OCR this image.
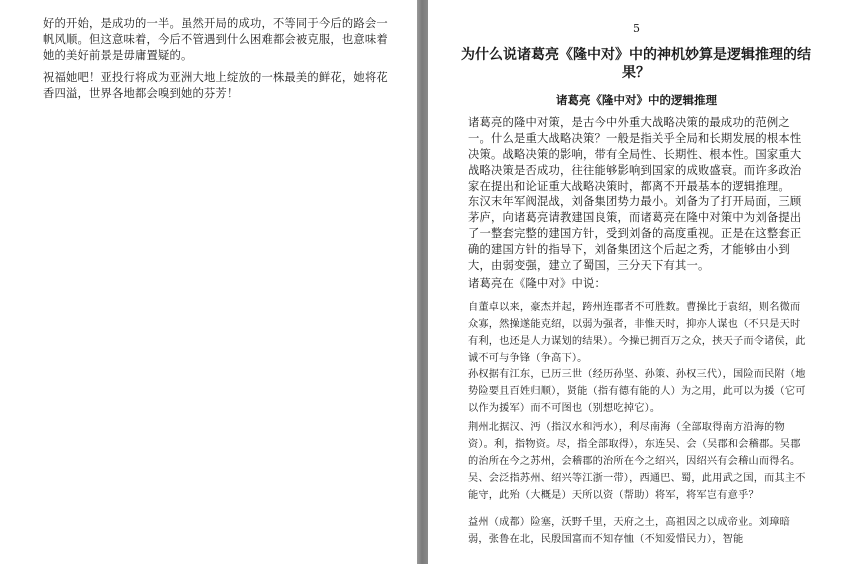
好的开始，是成功的一半。虽然开局的成功，不等同于今后的路会一帆风顺。但这意味着，今后不管遇到什么困难都会被克服，也意味着她的美好前景是毋庸置疑的。

祝福她吧！亚投行将成为亚洲大地上绽放的一株最美的鲜花，她将花香四溢，世界各地都会嗅到她的芬芳！

5
为什么说诸葛亮《隆中对》中的神机妙算是逻辑推理的结果？
诸葛亮《隆中对》中的逻辑推理

诸葛亮的隆中对策，是古今中外重大战略决策的最成功的范例之一。什么是重大战略决策？一般是指关乎全局和长期发展的根本性决策。战略决策的影响，带有全局性、长期性、根本性。国家重大战略决策是否成功，往往能够影响到国家的成败盛衰。而许多政治家在提出和论证重大战略决策时，都离不开最基本的逻辑推理。

东汉末年军阀混战，刘备集团势力最小。刘备为了打开局面，三顾茅庐，向诸葛亮请教建国良策，而诸葛亮在隆中对策中为刘备提出了一整套完整的建国方针，受到刘备的高度重视。正是在这整套正确的建国方针的指导下，刘备集团这个后起之秀，才能够由小到大，由弱变强，建立了蜀国，三分天下有其一。

诸葛亮在《隆中对》中说：

自董卓以来，豪杰并起，跨州连郡者不可胜数。曹操比于袁绍，则名微而众寡，然操遂能克绍，以弱为强者，非惟天时，抑亦人谋也（不只是天时有利，也还是人力谋划的结果）。今操已拥百万之众，挟天子而令诸侯，此诚不可与争锋（争高下）。

孙权据有江东，已历三世（经历孙坚、孙策、孙权三代），国险而民附（地势险要且百姓归顺），贤能（指有德有能的人）为之用，此可以为援（它可以作为援军）而不可图也（别想吃掉它）。

荆州北据汉、沔（指汉水和沔水），利尽南海（全部取得南方沿海的物资）。利，指物资。尽，指全部取得），东连吴、会（吴郡和会稽郡。吴郡的治所在今之苏州，会稽郡的治所在今之绍兴，因绍兴有会稽山而得名。吴、会泛指苏州、绍兴等江浙一带），西通巴、蜀，此用武之国，而其主不能守，此殆（大概是）天所以资（帮助）将军，将军岂有意乎？

益州（成都）险塞，沃野千里，天府之土，高祖因之以成帝业。刘璋暗弱，张鲁在北，民殷国富而不知存恤（不知爱惜民力），智能
